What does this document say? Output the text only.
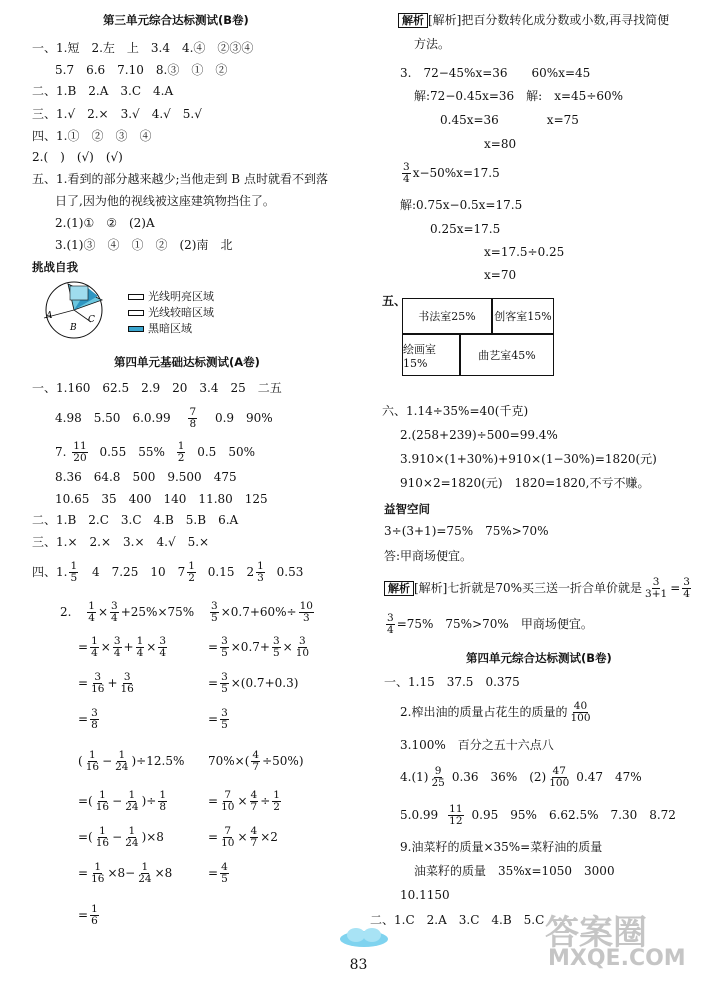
第三单元综合达标测试(B卷)
一、1.短　2.左　上　3.4　4.④　②③④
5.7　6.6　7.10　8.③　①　②
二、1.B　2.A　3.C　4.A
三、1.√　2.×　3.√　4.√　5.√
四、1.①　②　③　④
2.(　)　(√)　(√)
五、1.看到的部分越来越少;当他走到 B 点时就看不到落
日了,因为他的视线被这座建筑物挡住了。
2.(1)①　②　(2)A
3.(1)③　④　①　②　(2)南　北
挑战自我
A
B
C
光线明亮区域
光线较暗区域
黑暗区域
第四单元基础达标测试(A卷)
一、1.160　62.5　2.9　20　3.4　25　二五
4.98　5.50　$6.0.99 \frac{7}{8} 0.9$　90%
7. $\frac{11}{20} 0.55$　$55\% \frac{1}{2} 0.5$　50%
8.36　64.8　500　9.500　475
10.65　35　400　140　11.80　125
二、1.B　2.C　3.C　4.B　5.B　6.A
三、1.×　2.×　3.×　4.√　5.×
四、1. $\frac{1}{5} 4$　7.25　10　$7 \frac{1}{2} 0.15$　$2 \frac{1}{3} 0.53$
2. $\frac{1}{4} \times \frac{3}{4} +25\%\times 75\%$
= $\frac{1}{4} \times \frac{3}{4} + \frac{1}{4} \times \frac{3}{4}$
= $\frac{3}{16} + \frac{3}{16}$
= $\frac{3}{8}$
( $\frac{1}{16} - \frac{1}{24} )\div 12.5\%$
=( $\frac{1}{16} - \frac{1}{24}$ )÷ $\frac{1}{8}$
=( $\frac{1}{16} - \frac{1}{24} )\times 8$
= $\frac{1}{16} \times 8- \frac{1}{24} \times 8$
= $\frac{1}{6}$
$\frac{3}{5} \times 0.7+60\%\div \frac{10}{3}$
= $\frac{3}{5} \times 0.7+ \frac{3}{5} \times \frac{3}{10}$
= $\frac{3}{5} \times(0.7+0.3)$
= $\frac{3}{5}$
$70\%\times( \frac{4}{7} \div 50\%)$
= $\frac{7}{10} \times \frac{4}{7} \div \frac{1}{2}$
= $\frac{7}{10} \times \frac{4}{7} \times 2$
= $\frac{4}{5}$
解析 [解析]把百分数转化成分数或小数,再寻找简便
方法。
3.　72−45%x=36　　60%x=45
解:72−0.45x=36　解:　x=45÷60%
0.45x=36　　　　x=75
x=80
$\frac{3}{4} x-50\%x=17.5$
解:0.75x−0.5x=17.5
0.25x=17.5
x=17.5÷0.25
x=70
五、
书法室25%	创客室15%
绘画室15%
曲艺室45%
六、1.14÷35%=40(千克)
2.(258+239)÷500=99.4%
3.910×(1+30%)+910×(1−30%)=1820(元)
910×2=1820(元)　1820=1820,不亏不赚。
益智空间
3÷(3+1)=75%　75%>70%
答:甲商场便宜。
解析 [解析]七折就是70%买三送一折合单价就是 $\frac{3}{3+1} = \frac{3}{4}$
$\frac{3}{4} =75\%$　75%>70%　甲商场便宜。
第四单元综合达标测试(B卷)
一、1.15　37.5　0.375
2.榨出油的质量占花生的质量的 $\frac{40}{100}$
3.100%　百分之五十六点八
$4.(1) \frac{9}{25} 0.36$　36%　$(2) \frac{47}{100} 0.47$　47%
$5.0.99 \frac{11}{12} 0.95$　95%　6.62.5%　7.30　8.72
9.油菜籽的质量×35%=菜籽油的质量
油菜籽的质量　35%x=1050　3000
10.1150
二、1.C　2.A　3.C　4.B　5.C 答案圈
MXQE.COM
83
